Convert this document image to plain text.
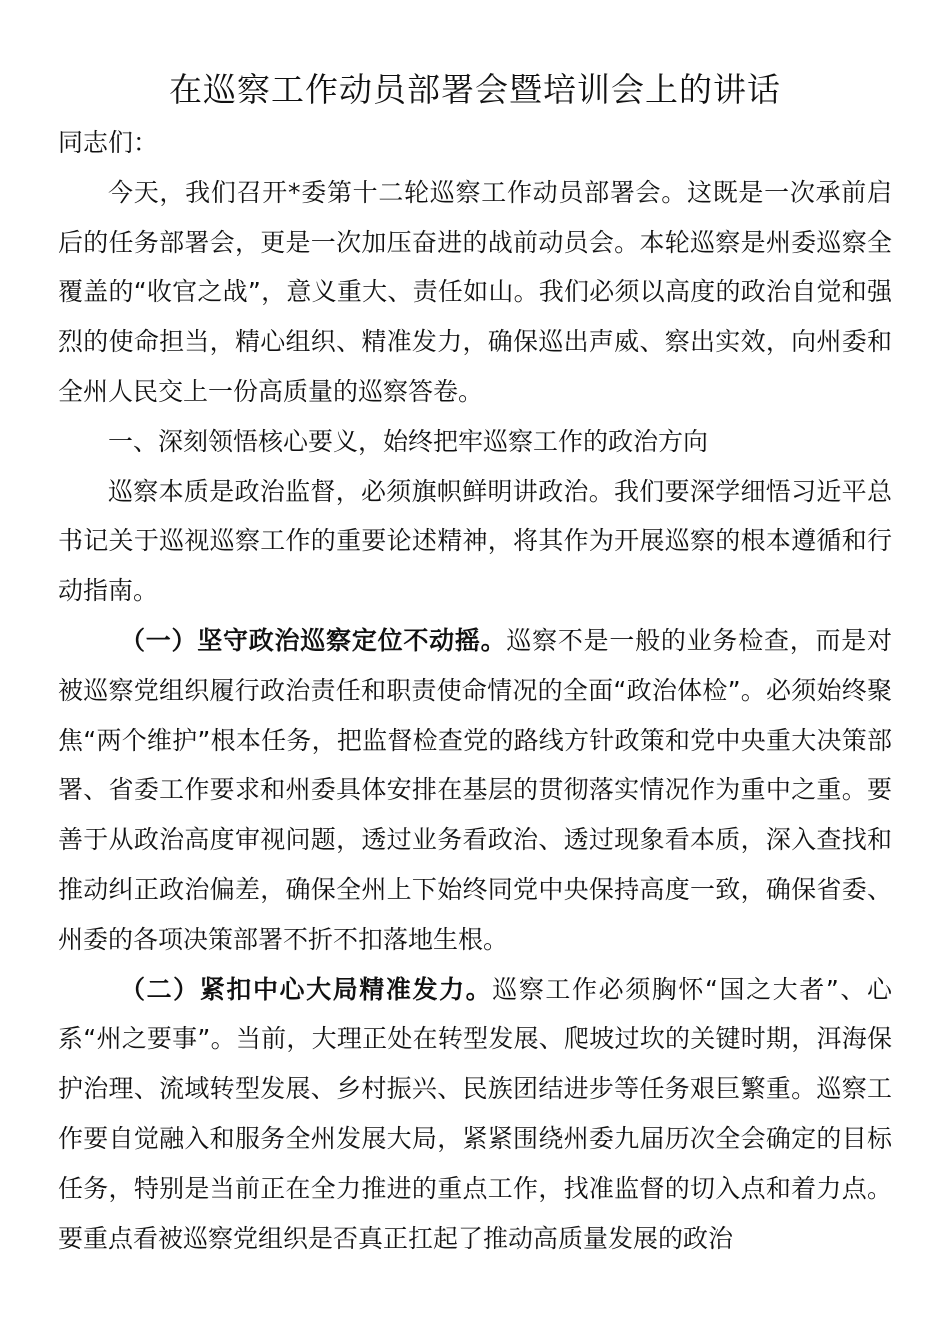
在巡察工作动员部署会暨培训会上的讲话

同志们：

今天，我们召开*委第十二轮巡察工作动员部署会。这既是一次承前启后的任务部署会，更是一次加压奋进的战前动员会。本轮巡察是州委巡察全覆盖的“收官之战”，意义重大、责任如山。我们必须以高度的政治自觉和强烈的使命担当，精心组织、精准发力，确保巡出声威、察出实效，向州委和全州人民交上一份高质量的巡察答卷。

一、深刻领悟核心要义，始终把牢巡察工作的政治方向

巡察本质是政治监督，必须旗帜鲜明讲政治。我们要深学细悟习近平总书记关于巡视巡察工作的重要论述精神，将其作为开展巡察的根本遵循和行动指南。

（一）坚守政治巡察定位不动摇。巡察不是一般的业务检查，而是对被巡察党组织履行政治责任和职责使命情况的全面“政治体检”。必须始终聚焦“两个维护”根本任务，把监督检查党的路线方针政策和党中央重大决策部署、省委工作要求和州委具体安排在基层的贯彻落实情况作为重中之重。要善于从政治高度审视问题，透过业务看政治、透过现象看本质，深入查找和推动纠正政治偏差，确保全州上下始终同党中央保持高度一致，确保省委、州委的各项决策部署不折不扣落地生根。

（二）紧扣中心大局精准发力。巡察工作必须胸怀“国之大者”、心系“州之要事”。当前，大理正处在转型发展、爬坡过坎的关键时期，洱海保护治理、流域转型发展、乡村振兴、民族团结进步等任务艰巨繁重。巡察工作要自觉融入和服务全州发展大局，紧紧围绕州委九届历次全会确定的目标任务，特别是当前正在全力推进的重点工作，找准监督的切入点和着力点。要重点看被巡察党组织是否真正扛起了推动高质量发展的政治
